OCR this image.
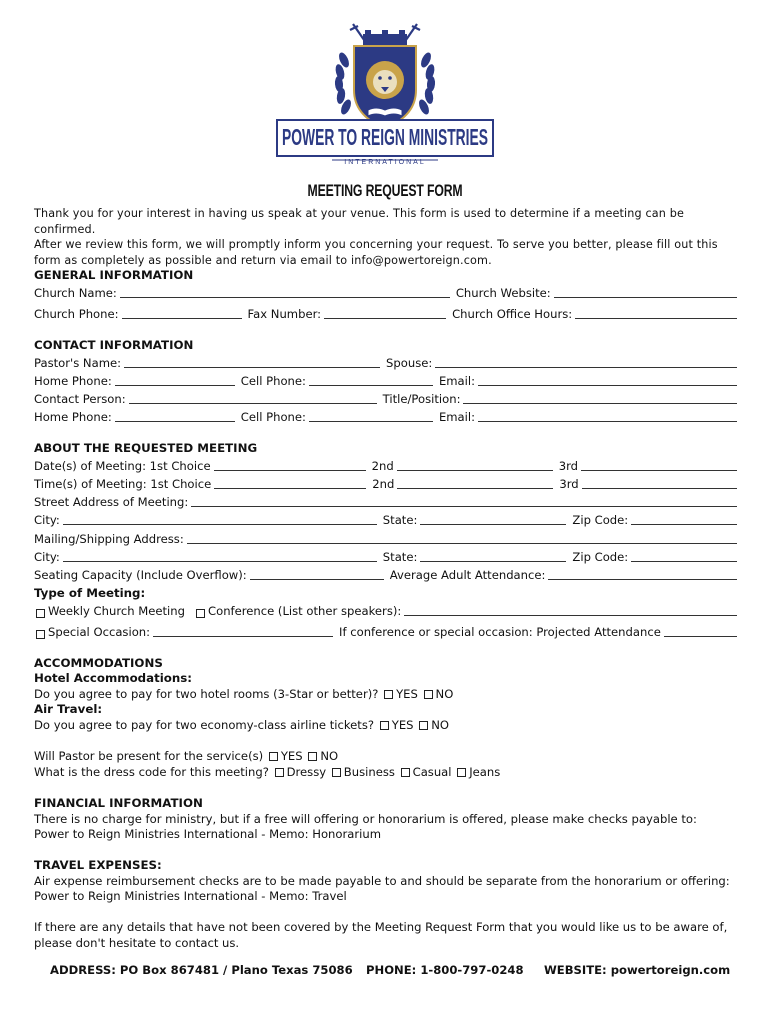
POWER TO REIGN MINISTRIES
INTERNATIONAL
MEETING REQUEST FORM

Thank you for your interest in having us speak at your venue. This form is used to determine if a meeting can be confirmed.

After we review this form, we will promptly inform you concerning your request. To serve you better, please fill out this

form as completely as possible and return via email to info@powertoreign.com.

GENERAL INFORMATION
Church Name:	Church Website:
Church Phone:	Fax Number:	Church Office Hours:
CONTACT INFORMATION
Pastor's Name:	Spouse:
Home Phone:	Cell Phone:	Email:
Contact Person:	Title/Position:
Home Phone:	Cell Phone:	Email:
ABOUT THE REQUESTED MEETING
Date(s) of Meeting: 1st Choice	2nd	3rd
Time(s) of Meeting: 1st Choice	2nd	3rd
Street Address of Meeting:
City:	State:	Zip Code:
Mailing/Shipping Address:
City:	State:	Zip Code:
Seating Capacity (Include Overflow):	Average Adult Attendance:
Type of Meeting:
Weekly Church Meeting Conference (List other speakers):
Special Occasion:	If conference or special occasion: Projected Attendance
ACCOMMODATIONS
Hotel Accommodations:
Do you agree to pay for two hotel rooms (3-Star or better)? YES NO
Air Travel:
Do you agree to pay for two economy-class airline tickets? YES NO
Will Pastor be present for the service(s) YES NO
What is the dress code for this meeting? Dressy Business Casual Jeans
FINANCIAL INFORMATION
There is no charge for ministry, but if a free will offering or honorarium is offered, please make checks payable to:
Power to Reign Ministries International - Memo: Honorarium
TRAVEL EXPENSES:
Air expense reimbursement checks are to be made payable to and should be separate from the honorarium or offering:
Power to Reign Ministries International - Memo: Travel
If there are any details that have not been covered by the Meeting Request Form that you would like us to be aware of,
please don't hesitate to contact us.
ADDRESS: PO Box 867481 / Plano Texas 75086 PHONE: 1-800-797-0248 WEBSITE: powertoreign.com
